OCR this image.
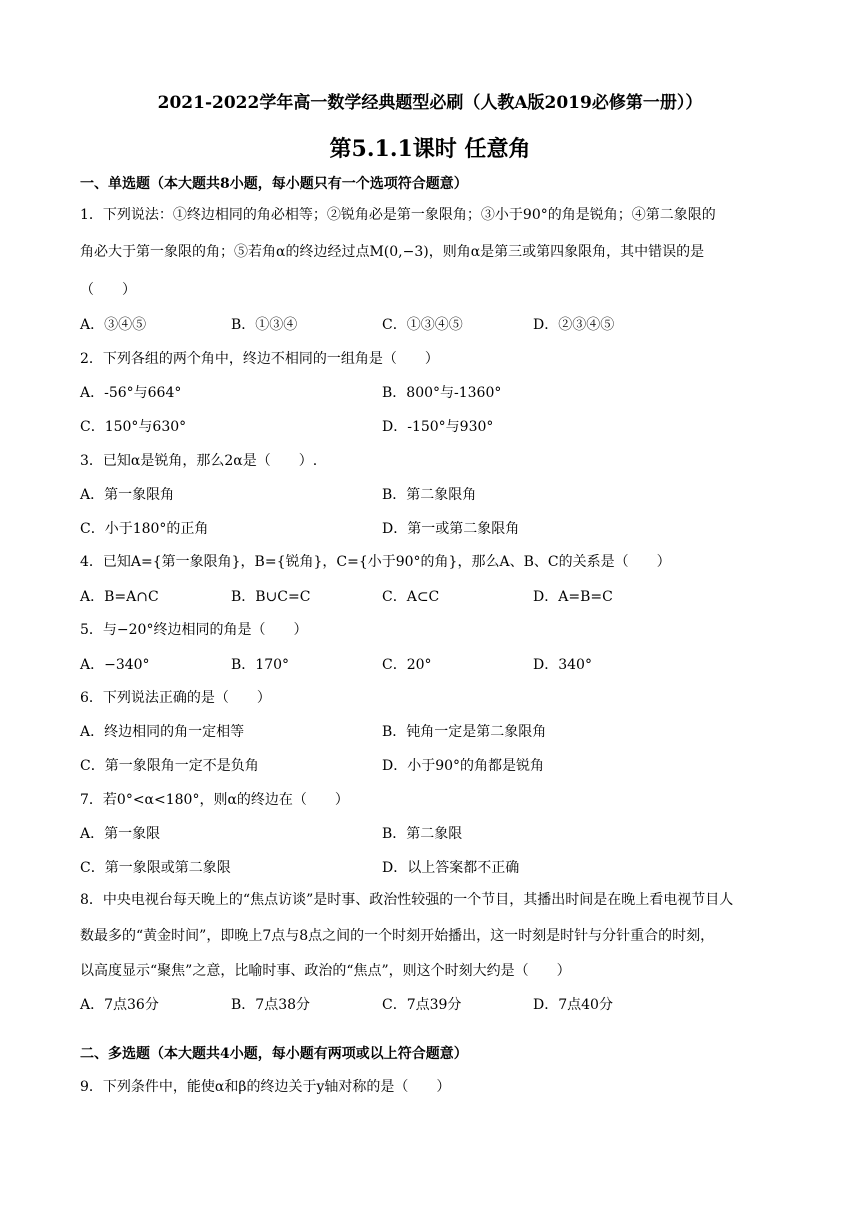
2021-2022学年高一数学经典题型必刷（人教A版2019必修第一册））
第5.1.1课时 任意角
一、单选题（本大题共8小题，每小题只有一个选项符合题意）
1．下列说法：①终边相同的角必相等；②锐角必是第一象限角；③小于90°的角是锐角；④第二象限的
角必大于第一象限的角；⑤若角α的终边经过点M(0,−3)，则角α是第三或第四象限角，其中错误的是
（　　）
A．③④⑤	B．①③④	C．①③④⑤	D．②③④⑤
2．下列各组的两个角中，终边不相同的一组角是（　　）
A．-56°与664°	B．800°与-1360°
C．150°与630°	D．-150°与930°
3．已知α是锐角，那么2α是（　　）.
A．第一象限角	B．第二象限角
C．小于180°的正角	D．第一或第二象限角
4．已知A={第一象限角}，B={锐角}，C={小于90°的角}，那么A、B、C的关系是（　　）
A．B=A∩C	B．B∪C=C	C．A⊂C	D．A=B=C
5．与−20°终边相同的角是（　　）
A．−340°	B．170°	C．20°	D．340°
6．下列说法正确的是（　　）
A．终边相同的角一定相等	B．钝角一定是第二象限角
C．第一象限角一定不是负角	D．小于90°的角都是锐角
7．若0°<α<180°，则α的终边在（　　）
A．第一象限	B．第二象限
C．第一象限或第二象限	D．以上答案都不正确
8．中央电视台每天晚上的“焦点访谈”是时事、政治性较强的一个节目，其播出时间是在晚上看电视节目人
数最多的“黄金时间”，即晚上7点与8点之间的一个时刻开始播出，这一时刻是时针与分针重合的时刻，
以高度显示“聚焦”之意，比喻时事、政治的“焦点”，则这个时刻大约是（　　）
A．7点36分	B．7点38分	C．7点39分	D．7点40分
二、多选题（本大题共4小题，每小题有两项或以上符合题意）
9．下列条件中，能使α和β的终边关于y轴对称的是（　　）
